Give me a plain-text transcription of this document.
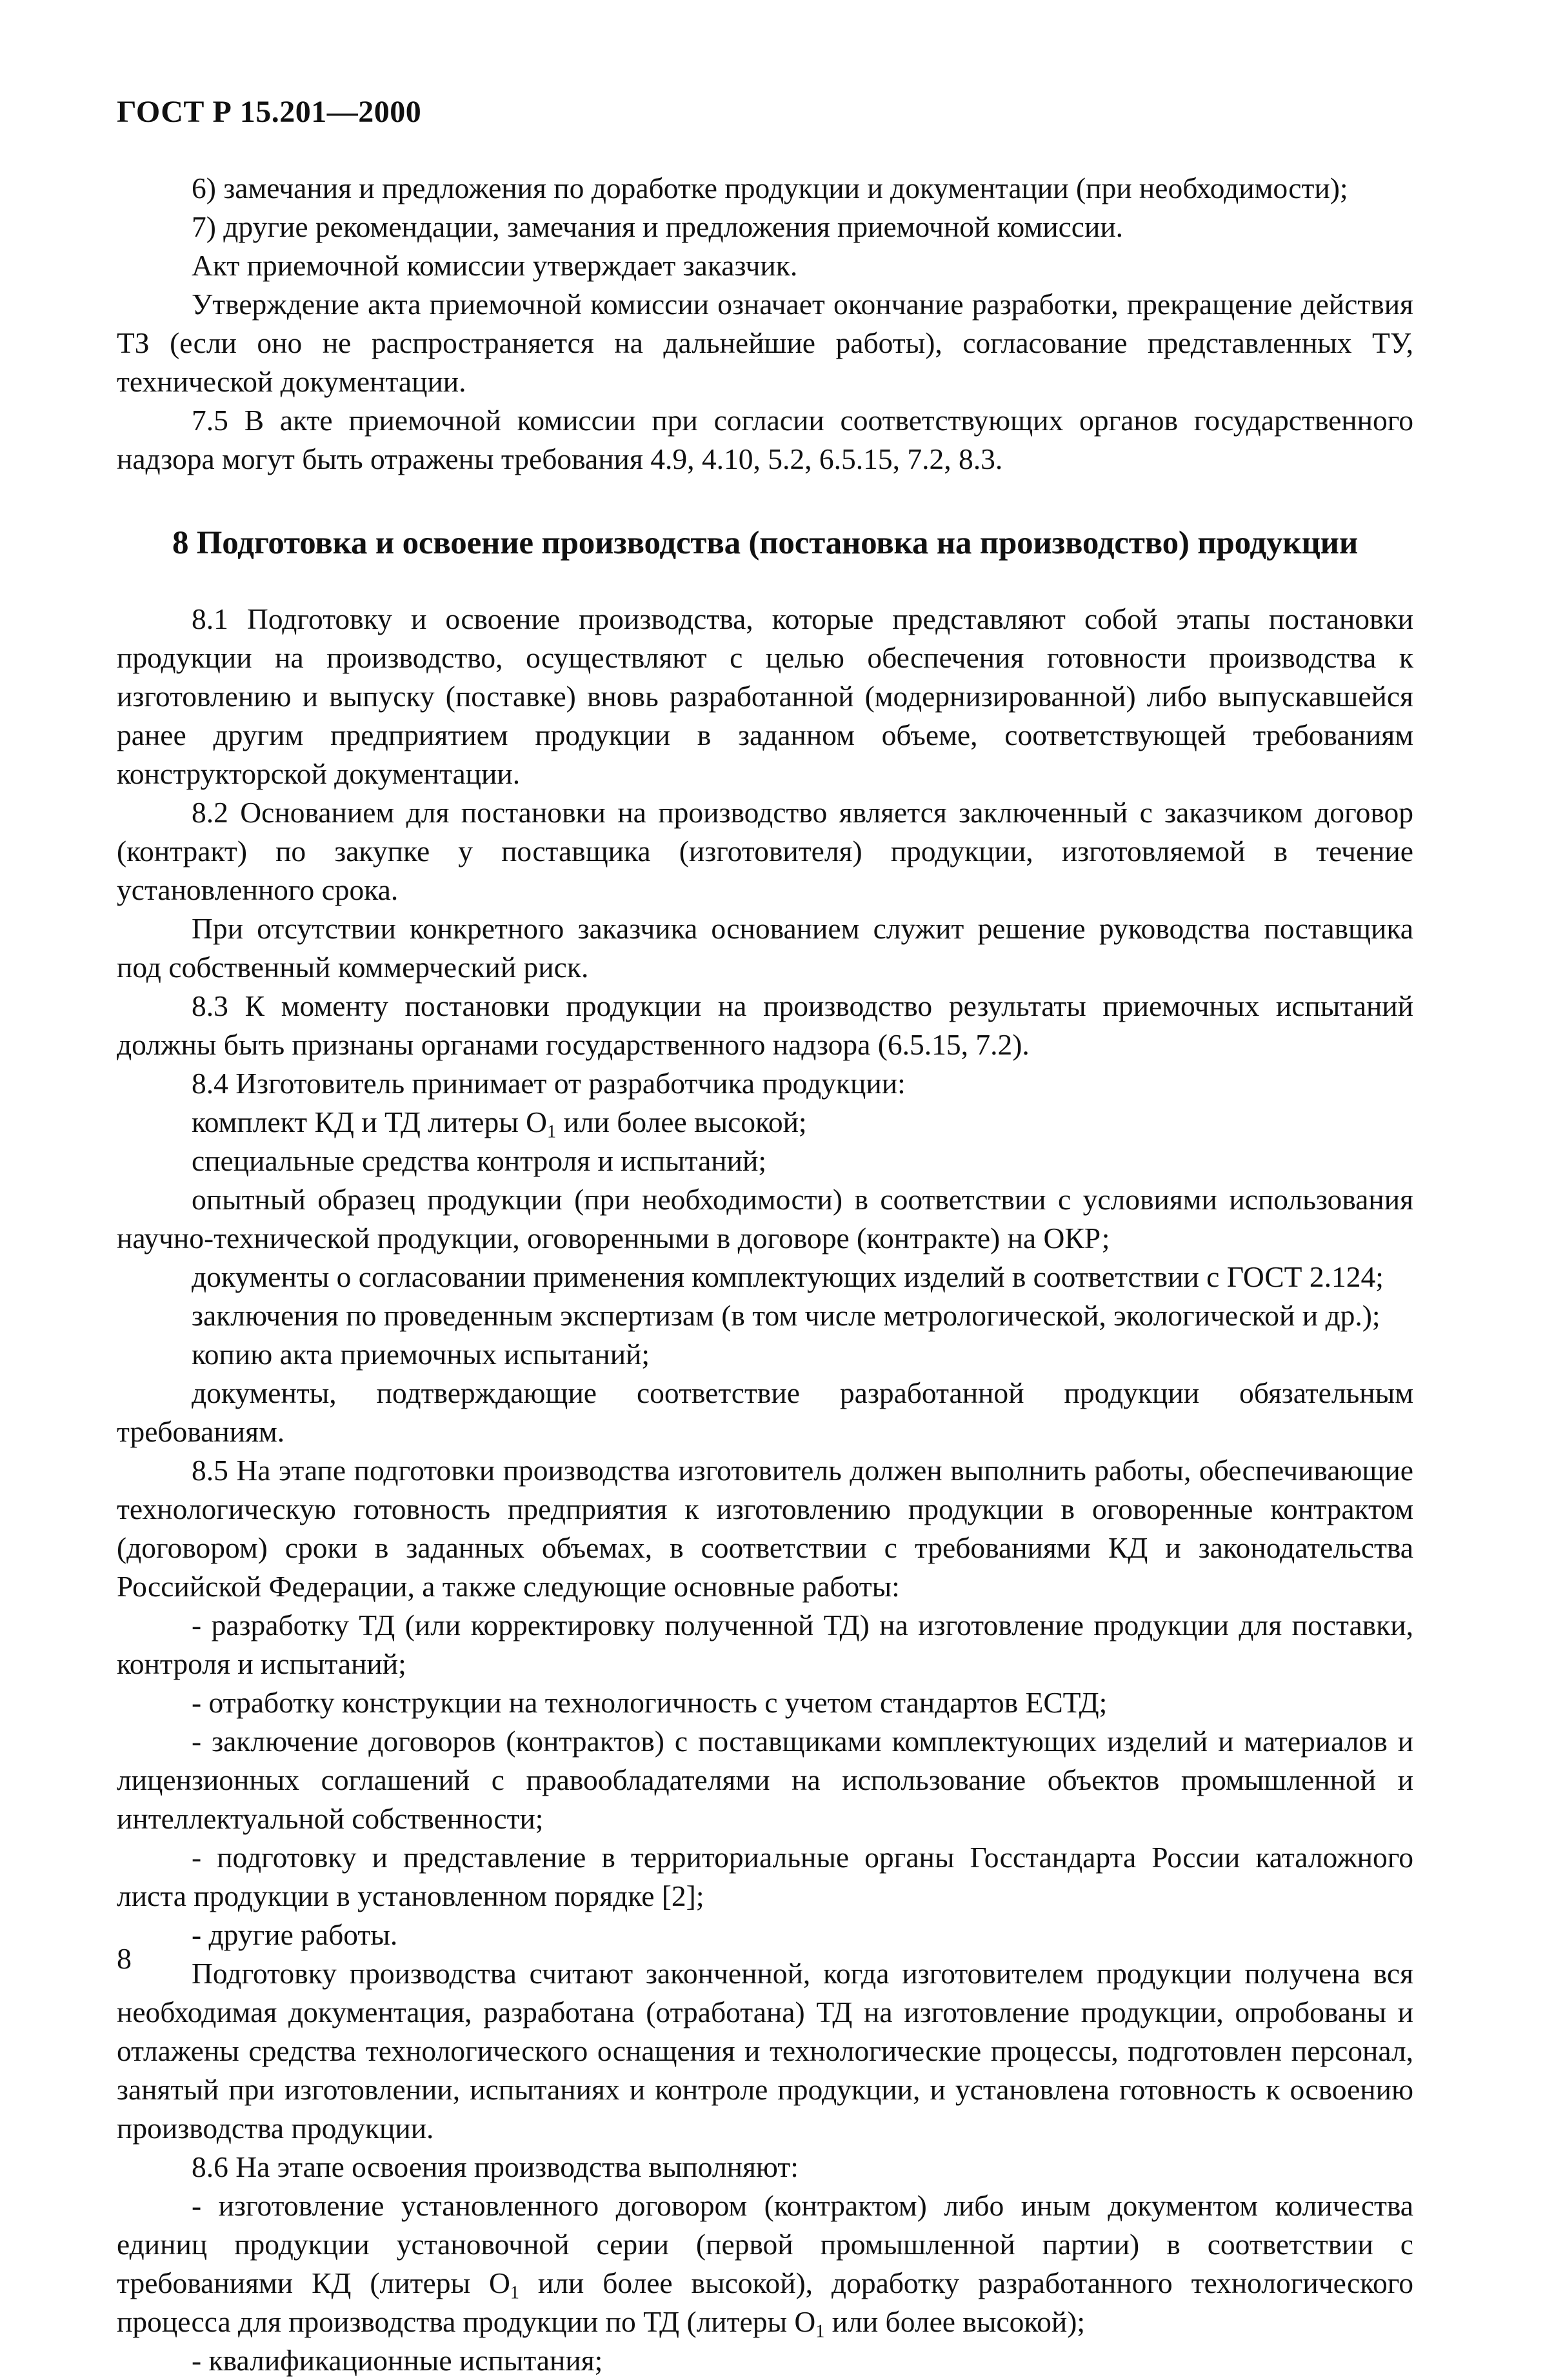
ГОСТ Р 15.201—2000

6) замечания и предложения по доработке продукции и документации (при необходимости);

7) другие рекомендации, замечания и предложения приемочной комиссии.

Акт приемочной комиссии утверждает заказчик.

Утверждение акта приемочной комиссии означает окончание разработки, прекращение действия ТЗ (если оно не распространяется на дальнейшие работы), согласование представленных ТУ, технической документации.

7.5 В акте приемочной комиссии при согласии соответствующих органов государственного надзора могут быть отражены требования 4.9, 4.10, 5.2, 6.5.15, 7.2, 8.3.

8 Подготовка и освоение производства (постановка на производство) продукции

8.1 Подготовку и освоение производства, которые представляют собой этапы постановки продукции на производство, осуществляют с целью обеспечения готовности производства к изготовлению и выпуску (поставке) вновь разработанной (модернизированной) либо выпускавшейся ранее другим предприятием продукции в заданном объеме, соответствующей требованиям конструкторской документации.

8.2 Основанием для постановки на производство является заключенный с заказчиком договор (контракт) по закупке у поставщика (изготовителя) продукции, изготовляемой в течение установленного срока.

При отсутствии конкретного заказчика основанием служит решение руководства поставщика под собственный коммерческий риск.

8.3 К моменту постановки продукции на производство результаты приемочных испытаний должны быть признаны органами государственного надзора (6.5.15, 7.2).

8.4 Изготовитель принимает от разработчика продукции:

комплект КД и ТД литеры $О_1$ или более высокой;

специальные средства контроля и испытаний;

опытный образец продукции (при необходимости) в соответствии с условиями использования научно-технической продукции, оговоренными в договоре (контракте) на ОКР;

документы о согласовании применения комплектующих изделий в соответствии с ГОСТ 2.124;

заключения по проведенным экспертизам (в том числе метрологической, экологической и др.);

копию акта приемочных испытаний;

документы, подтверждающие соответствие разработанной продукции обязательным требованиям.

8.5 На этапе подготовки производства изготовитель должен выполнить работы, обеспечивающие технологическую готовность предприятия к изготовлению продукции в оговоренные контрактом (договором) сроки в заданных объемах, в соответствии с требованиями КД и законодательства Российской Федерации, а также следующие основные работы:

- разработку ТД (или корректировку полученной ТД) на изготовление продукции для поставки, контроля и испытаний;

- отработку конструкции на технологичность с учетом стандартов ЕСТД;

- заключение договоров (контрактов) с поставщиками комплектующих изделий и материалов и лицензионных соглашений с правообладателями на использование объектов промышленной и интеллектуальной собственности;

- подготовку и представление в территориальные органы Госстандарта России каталожного листа продукции в установленном порядке [2];

- другие работы.

Подготовку производства считают законченной, когда изготовителем продукции получена вся необходимая документация, разработана (отработана) ТД на изготовление продукции, опробованы и отлажены средства технологического оснащения и технологические процессы, подготовлен персонал, занятый при изготовлении, испытаниях и контроле продукции, и установлена готовность к освоению производства продукции.

8.6 На этапе освоения производства выполняют:

- изготовление установленного договором (контрактом) либо иным документом количества единиц продукции установочной серии (первой промышленной партии) в соответствии с требованиями КД (литеры $О_1$ или более высокой), доработку разработанного технологического процесса для производства продукции по ТД (литеры $О_1$ или более высокой);

- квалификационные испытания;

8
